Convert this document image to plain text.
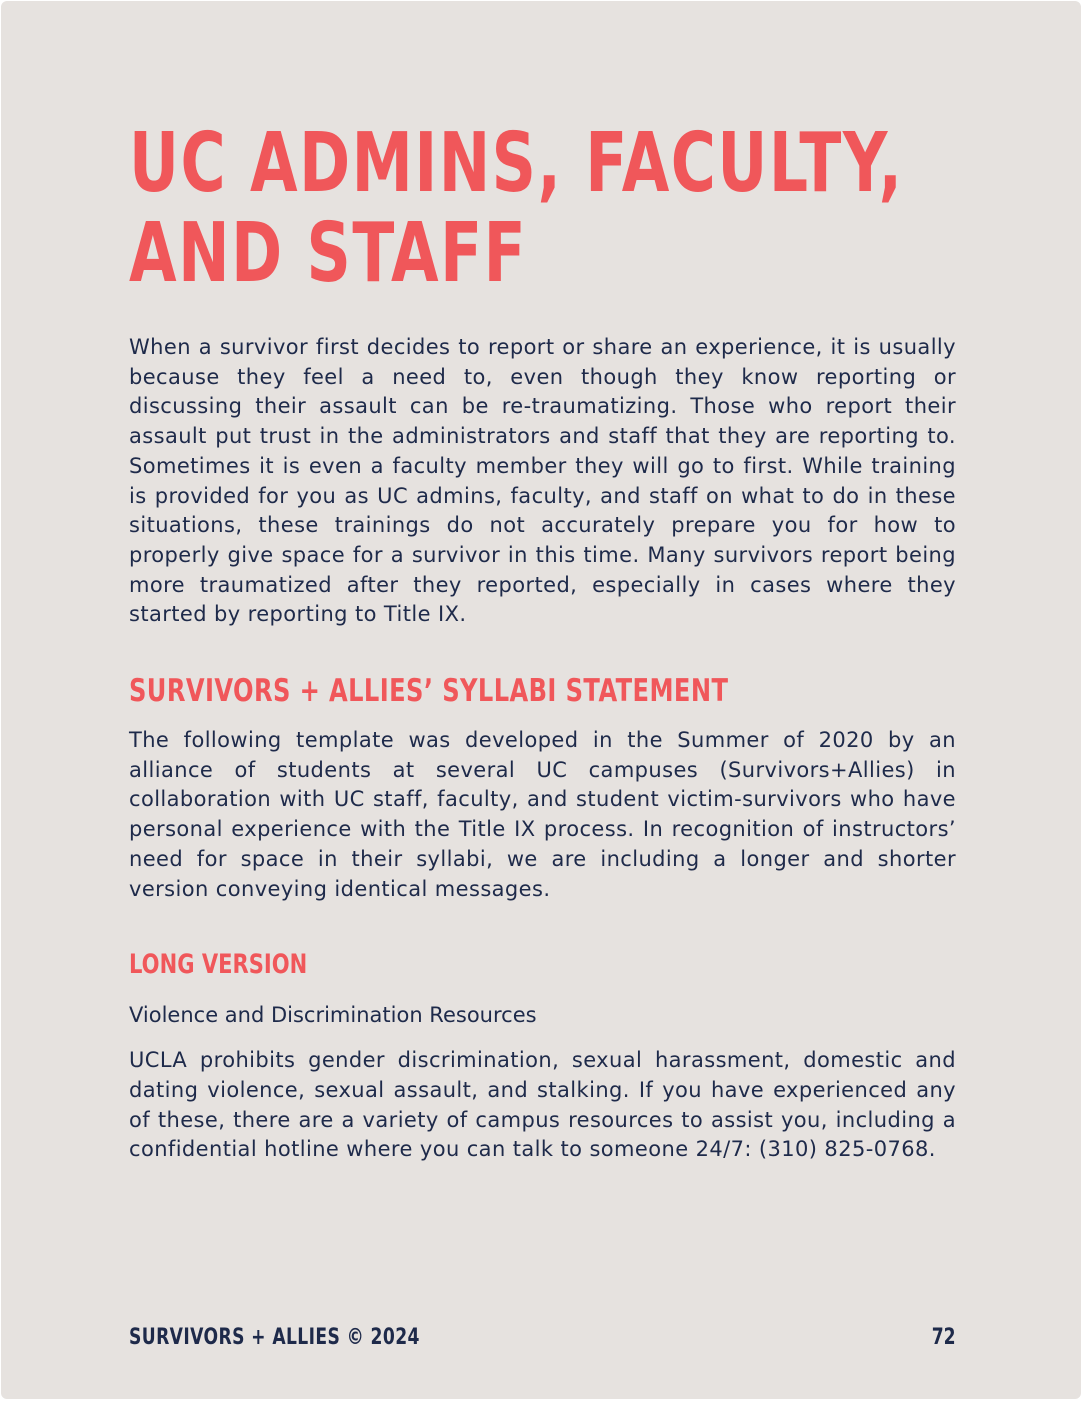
UC ADMINS, FACULTY, AND STAFF

When a survivor first decides to report or share an experience, it is usually because they feel a need to, even though they know reporting or discussing their assault can be re-traumatizing. Those who report their assault put trust in the administrators and staff that they are reporting to. Sometimes it is even a faculty member they will go to first. While training is provided for you as UC admins, faculty, and staff on what to do in these situations, these trainings do not accurately prepare you for how to properly give space for a survivor in this time. Many survivors report being more traumatized after they reported, especially in cases where they started by reporting to Title IX.

SURVIVORS + ALLIES’ SYLLABI STATEMENT

The following template was developed in the Summer of 2020 by an alliance of students at several UC campuses (Survivors+Allies) in collaboration with UC staff, faculty, and student victim-survivors who have personal experience with the Title IX process. In recognition of instructors’ need for space in their syllabi, we are including a longer and shorter version conveying identical messages.

LONG VERSION
Violence and Discrimination Resources

UCLA prohibits gender discrimination, sexual harassment, domestic and dating violence, sexual assault, and stalking. If you have experienced any of these, there are a variety of campus resources to assist you, including a confidential hotline where you can talk to someone 24/7: (310) 825-0768.

SURVIVORS + ALLIES © 2024	72
